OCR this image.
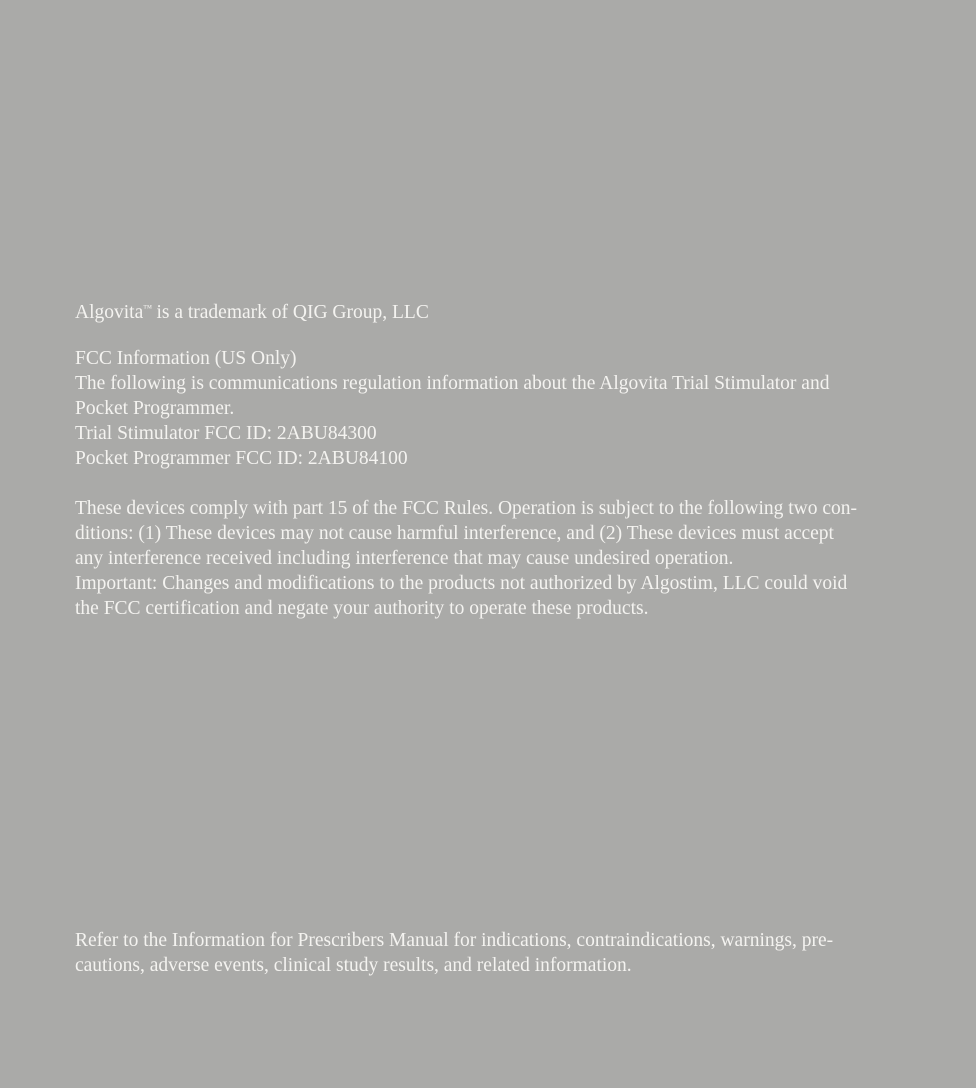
Algovita™ is a trademark of QIG Group, LLC
FCC Information (US Only)
The following is communications regulation information about the Algovita Trial Stimulator and
Pocket Programmer.
Trial Stimulator FCC ID: 2ABU84300
Pocket Programmer FCC ID: 2ABU84100
These devices comply with part 15 of the FCC Rules. Operation is subject to the following two con-
ditions: (1) These devices may not cause harmful interference, and (2) These devices must accept
any interference received including interference that may cause undesired operation.
Important: Changes and modifications to the products not authorized by Algostim, LLC could void
the FCC certification and negate your authority to operate these products.
Refer to the Information for Prescribers Manual for indications, contraindications, warnings, pre-
cautions, adverse events, clinical study results, and related information.
